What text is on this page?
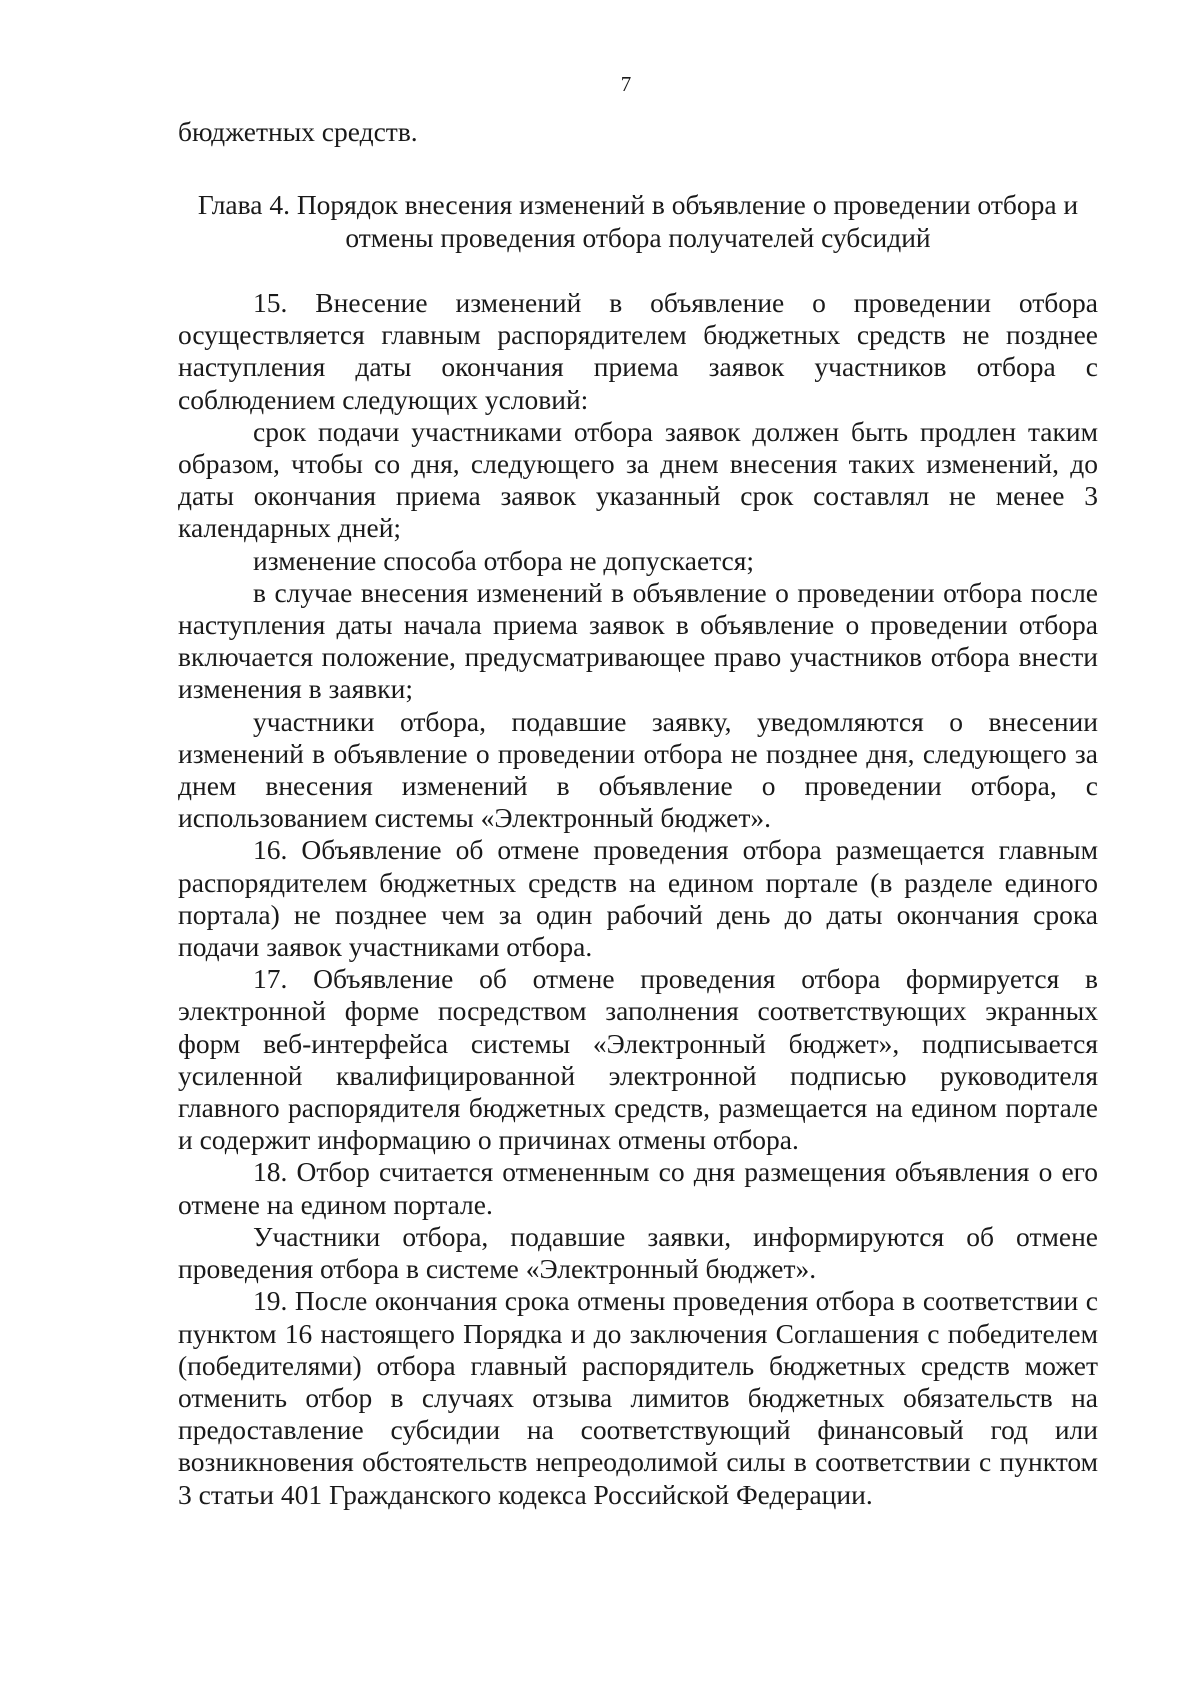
7

бюджетных средств.

Глава 4. Порядок внесения изменений в объявление о проведении отбора и
отмены проведения отбора получателей субсидий

15. Внесение изменений в объявление о проведении отбора осуществляется главным распорядителем бюджетных средств не позднее наступления даты окончания приема заявок участников отбора с соблюдением следующих условий:

срок подачи участниками отбора заявок должен быть продлен таким образом, чтобы со дня, следующего за днем внесения таких изменений, до даты окончания приема заявок указанный срок составлял не менее 3 календарных дней;

изменение способа отбора не допускается;

в случае внесения изменений в объявление о проведении отбора после наступления даты начала приема заявок в объявление о проведении отбора включается положение, предусматривающее право участников отбора внести изменения в заявки;

участники отбора, подавшие заявку, уведомляются о внесении изменений в объявление о проведении отбора не позднее дня, следующего за днем внесения изменений в объявление о проведении отбора, с использованием системы «Электронный бюджет».

16. Объявление об отмене проведения отбора размещается главным распорядителем бюджетных средств на едином портале (в разделе единого портала) не позднее чем за один рабочий день до даты окончания срока подачи заявок участниками отбора.

17. Объявление об отмене проведения отбора формируется в электронной форме посредством заполнения соответствующих экранных форм веб-интерфейса системы «Электронный бюджет», подписывается усиленной квалифицированной электронной подписью руководителя главного распорядителя бюджетных средств, размещается на едином портале и содержит информацию о причинах отмены отбора.

18. Отбор считается отмененным со дня размещения объявления о его отмене на едином портале.

Участники отбора, подавшие заявки, информируются об отмене проведения отбора в системе «Электронный бюджет».

19. После окончания срока отмены проведения отбора в соответствии с пунктом 16 настоящего Порядка и до заключения Соглашения с победителем (победителями) отбора главный распорядитель бюджетных средств может отменить отбор в случаях отзыва лимитов бюджетных обязательств на предоставление субсидии на соответствующий финансовый год или возникновения обстоятельств непреодолимой силы в соответствии с пунктом 3 статьи 401 Гражданского кодекса Российской Федерации.
